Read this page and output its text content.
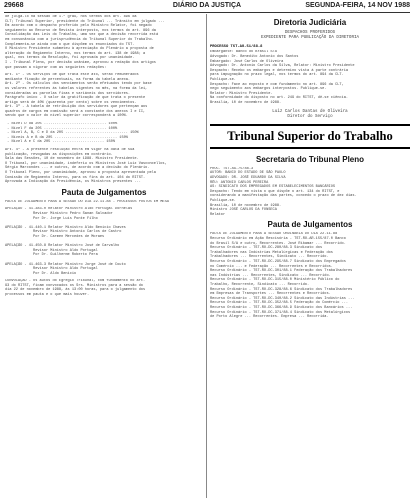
29668	DIÁRIO DA JUSTIÇA	SEGUNDA-FEIRA, 14 NOV 1988
de julgá-lo na sessão de 1.º grau, nos termos dos art. 896 da
CLT; Tribunal Superior, presidente do Tribunal ... Trânsito em julgado ...
Em acordo com o despacho proferido pelo Ministro Relator, foi negado
seguimento ao Recurso de Revista interposto, nos termos do art. 896 da
Consolidação das Leis do Trabalho, uma vez que a decisão recorrida está
em consonância com a jurisprudência do Tribunal Superior do Trabalho.
Complementa-se ainda com o que dispõem os enunciados do TST.
O Ministro Presidente submeteu à apreciação do Plenário a proposta de
alteração do Regimento Interno, nos termos do art. 138 de 1988; a
qual, nos termos da Resolução, foi aprovada por unanimidade.
I - Tribunal Pleno, por decisão unânime, aprovou a redação dos artigos
que passam a vigorar com as seguintes redações:
Art. 1º - Os serviços de que trata este ato, serão remunerados
mediante fixação de percentuais, na forma da tabela anexa.
Art. 2º - Os cálculos dos vencimentos serão efetuados tendo por base
os valores referentes às tabelas vigentes no mês, na forma da lei,
consideradas as parcelas fixas e variáveis dos servidores.
Parágrafo único - O valor da gratificação de que trata o presente
artigo será de 40% (quarenta por cento) sobre os vencimentos.
Art. 3º - A tabela de retribuição dos servidores que pertençam aos
quadros de cargos em comissão será a constante dos anexos I e II,
sendo que o valor do nível superior corresponderá a 100%.
- Nível D da 205 ............................. 100%
- Nível F da 205 ............................. 100%
- Nível A, B, C e D da 205 ............................. 150%
- Níveis A e B da 205 ............................. 150%
- Nível A e C da 205 ........................ 150%
Art. 4º - A presente resolução entra em vigor na data de sua
publicação, revogadas as disposições em contrário.
Sala das Sessões, 10 de novembro de 1988. Ministro Presidente.
O Tribunal, por unanimidade, indeferiu os Ministros José Luiz Vasconcellos,
Sérgio Marcondes ... e outros, de acordo com a decisão do Plenário.
O Tribunal Pleno, por unanimidade, aprovou a proposta apresentada pela
Comissão de Regimento Interno, para os fins do art. 104 do RITST.
Aprovada a Indicação da Presidência, os Ministros presentes ...
Pauta de Julgamentos
PAUTA DE JULGAMENTO PARA A SESSÃO DO DIA 22.11.88 - PROCESSOS POSTOS EM MESA
APELAÇÃO - 41.383-0 Relator Ministro Aldo Portugal Dornelas
Revisor Ministro Pedro Sanan Salvador
Por Dr. Jorge Luís Ponte Filho

APELAÇÃO - 41.440-1 Relator Ministro Aldo Benicio Chaves
Revisor Ministro Antonio Carlos de Castro
Por Dr. Carmen Mercedes de Moraes

APELAÇÃO - 41.450-8 Relator Ministro José de Carvalho
Revisor Ministro Aldo Portugal
Por Dr. Guilherme Roberto Pera

APELAÇÃO - 41.463-3 Relator Ministro Jorge José de Couto
Revisor Ministro Aldo Portugal
Por Dr. Aldo Benicio
CONVOCAÇÃO - Os autos do Egrégio Tribunal, com fundamento no art.
93 do RITST, ficam convocados os Srs. Ministros para a sessão do
dia 22 de novembro de 1988, às 13:00 horas, para o julgamento dos
processos em pauta e o que mais houver.
Diretoria Judiciária
DESPACHOS PROFERIDOS
EXPEDIENTE PARA PUBLICAÇÃO DA DIRETORIA
PROCESSO TST-AG-51/88-8
Embargante: Banco do Brasil S/A
Advogado: Dr. Benedito Antonio dos Santos
Embargado: José Carlos de Oliveira
Advogado: Dr. Antonio Carlos da Silva, Relator: Ministro Presidente
Despacho: Recebo os embargos e determino vista à parte contrária
para impugnação no prazo legal, nos termos do art. 894 da CLT.
Publique-se.
Despacho: Face ao exposto e com fundamento no art. 896 da CLT,
nego seguimento aos embargos interpostos. Publique-se.
Relator: Ministro Presidente.
Na conformidade do disposto no art. 249 do RITST, dê-se ciência.
Brasília, 10 de novembro de 1988.
Luiz Carlos Dantas de Oliveira
Diretor do Serviço
Tribunal Superior do Trabalho
Secretaria do Tribunal Pleno
PROC. TST-AG-75/88-3
AUTOR: BANCO DO ESTADO DE SÃO PAULO
ADVOGADO: DR. JOSÉ EDUARDO DA SILVA
RÉU: ANTONIO CARLOS PEREIRA
AS: SINDICATO DOS EMPREGADOS EM ESTABELECIMENTOS BANCÁRIOS
Despacho: Tendo em vista o que dispõe o art. 134 do RITST, e
considerando a manifestação das partes, concedo o prazo de dez dias.
Publique-se.
Brasília, 10 de novembro de 1988.
Ministro JOSÉ CARLOS DA FONSECA
Relator
Pauta de Julgamentos
PAUTA DE JULGAMENTO PARA A SESSÃO ORDINÁRIA DO DIA 22.11.88
Recurso Ordinário em Ação Rescisória - TST-RO-AR-155/87.0 Banco
do Brasil S/A e outro, Recorrentes. José Ribamar ... Recorrido.
Recurso Ordinário - TST-RO-DC-280/88.3 Sindicato dos
Trabalhadores nas Indústrias Metalúrgicas e Federação dos
Trabalhadores ... Recorrentes, Sindicato ... Recorrido.
Recurso Ordinário - TST-RO-DC-295/88.7 Sindicato dos Empregados
no Comércio ... e Federação ... Recorrentes e Recorridos.
Recurso Ordinário - TST-RO-DC-301/88.1 Federação dos Trabalhadores
nas Indústrias ... Recorrentes, Sindicato ... Recorrido.
Recurso Ordinário - TST-RO-DC-315/88.0 Ministério Público do
Trabalho, Recorrente, Sindicato ... Recorrido.
Recurso Ordinário - TST-RO-DC-328/88.6 Sindicato dos Trabalhadores
em Empresas de Transportes ... Recorrentes e Recorridos.
Recurso Ordinário - TST-RO-DC-340/88.2 Sindicato das Indústrias ...
Recurso Ordinário - TST-RO-DC-352/88.5 Federação do Comércio ...
Recurso Ordinário - TST-RO-DC-366/88.9 Sindicato dos Bancários ...
Recurso Ordinário - TST-RO-DC-371/88.4 Sindicato dos Metalúrgicos
de Porto Alegre ... Recorrentes. Empresa ... Recorrida.
